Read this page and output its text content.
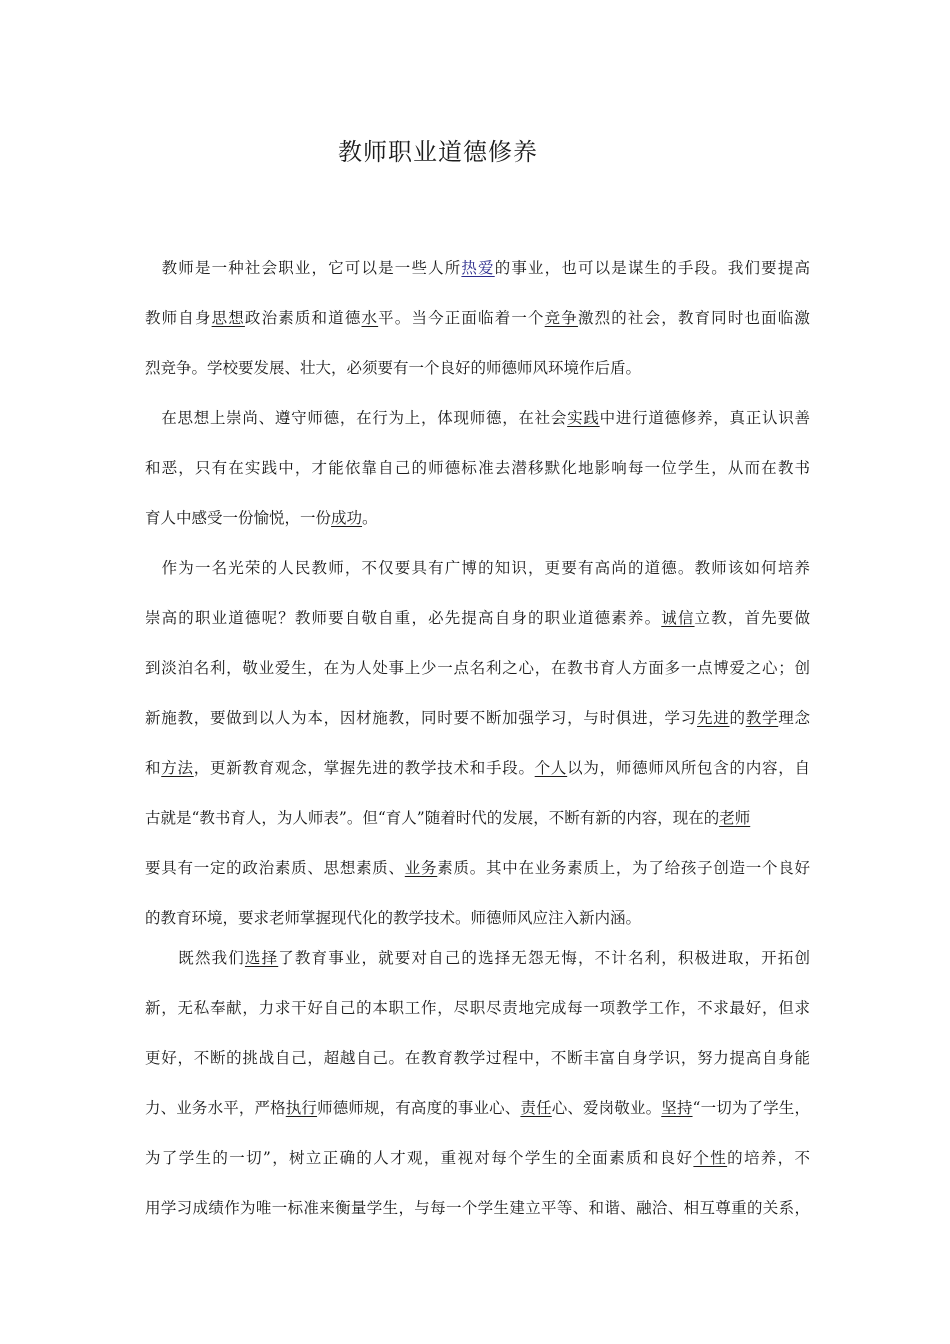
教师职业道德修养
　教师是一种社会职业，它可以是一些人所热爱的事业，也可以是谋生的手段。我们要提高
教师自身思想政治素质和道德水平。当今正面临着一个竞争激烈的社会，教育同时也面临激
烈竞争。学校要发展、壮大，必须要有一个良好的师德师风环境作后盾。
　在思想上崇尚、遵守师德，在行为上，体现师德，在社会实践中进行道德修养，真正认识善
和恶，只有在实践中，才能依靠自己的师德标准去潜移默化地影响每一位学生，从而在教书
育人中感受一份愉悦，一份成功。
　作为一名光荣的人民教师，不仅要具有广博的知识，更要有高尚的道德。教师该如何培养
崇高的职业道德呢？教师要自敬自重，必先提高自身的职业道德素养。诚信立教，首先要做
到淡泊名利，敬业爱生，在为人处事上少一点名利之心，在教书育人方面多一点博爱之心；创
新施教，要做到以人为本，因材施教，同时要不断加强学习，与时俱进，学习先进的教学理念
和方法，更新教育观念，掌握先进的教学技术和手段。个人以为，师德师风所包含的内容，自
古就是“教书育人，为人师表”。但“育人”随着时代的发展，不断有新的内容，现在的老师
要具有一定的政治素质、思想素质、业务素质。其中在业务素质上，为了给孩子创造一个良好
的教育环境，要求老师掌握现代化的教学技术。师德师风应注入新内涵。
　　既然我们选择了教育事业，就要对自己的选择无怨无悔，不计名利，积极进取，开拓创
新，无私奉献，力求干好自己的本职工作，尽职尽责地完成每一项教学工作，不求最好，但求
更好，不断的挑战自己，超越自己。在教育教学过程中，不断丰富自身学识，努力提高自身能
力、业务水平，严格执行师德师规，有高度的事业心、责任心、爱岗敬业。坚持“一切为了学生，
为了学生的一切”，树立正确的人才观，重视对每个学生的全面素质和良好个性的培养，不
用学习成绩作为唯一标准来衡量学生，与每一个学生建立平等、和谐、融洽、相互尊重的关系，
